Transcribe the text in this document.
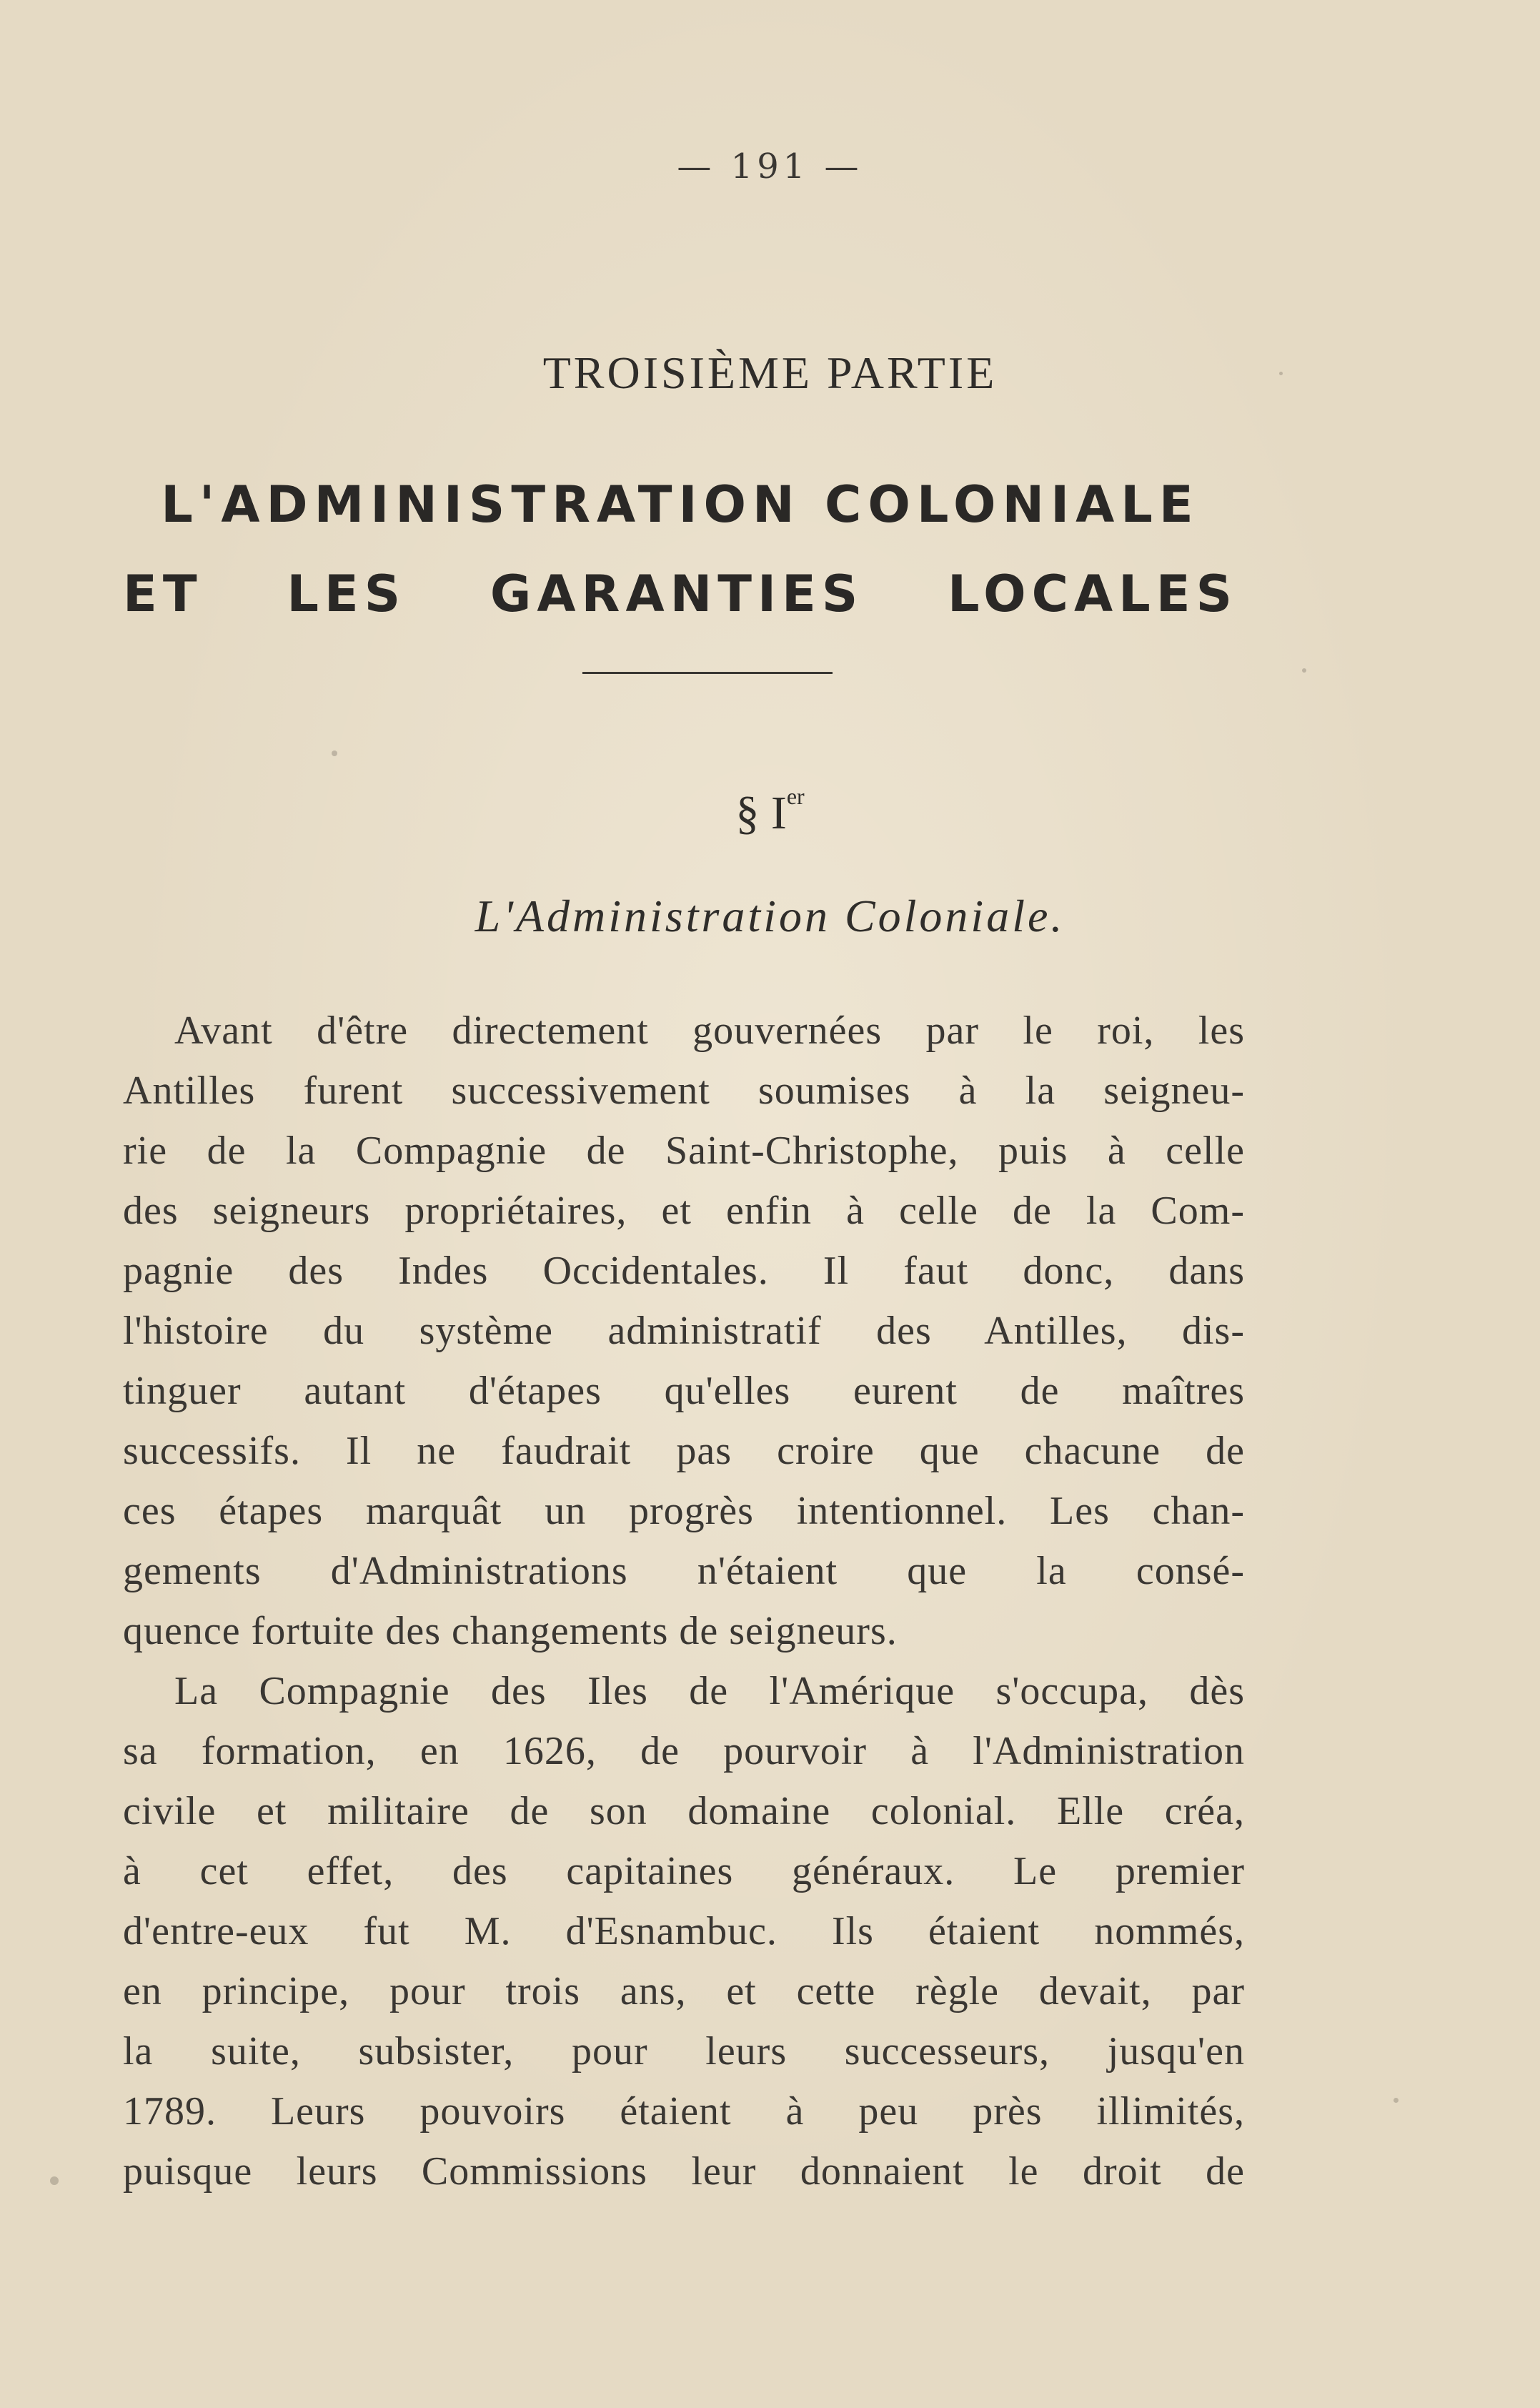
— 191 —
TROISIÈME PARTIE
L'ADMINISTRATION COLONIALE
ET LES GARANTIES LOCALES
§ Ier
L'Administration Coloniale.
Avant d'être directement gouvernées par le roi, les
Antilles furent successivement soumises à la seigneu-
rie de la Compagnie de Saint-Christophe, puis à celle
des seigneurs propriétaires, et enfin à celle de la Com-
pagnie des Indes Occidentales. Il faut donc, dans
l'histoire du système administratif des Antilles, dis-
tinguer autant d'étapes qu'elles eurent de maîtres
successifs. Il ne faudrait pas croire que chacune de
ces étapes marquât un progrès intentionnel. Les chan-
gements d'Administrations n'étaient que la consé-
quence fortuite des changements de seigneurs.
La Compagnie des Iles de l'Amérique s'occupa, dès
sa formation, en 1626, de pourvoir à l'Administration
civile et militaire de son domaine colonial. Elle créa,
à cet effet, des capitaines généraux. Le premier
d'entre-eux fut M. d'Esnambuc. Ils étaient nommés,
en principe, pour trois ans, et cette règle devait, par
la suite, subsister, pour leurs successeurs, jusqu'en
1789. Leurs pouvoirs étaient à peu près illimités,
puisque leurs Commissions leur donnaient le droit de
